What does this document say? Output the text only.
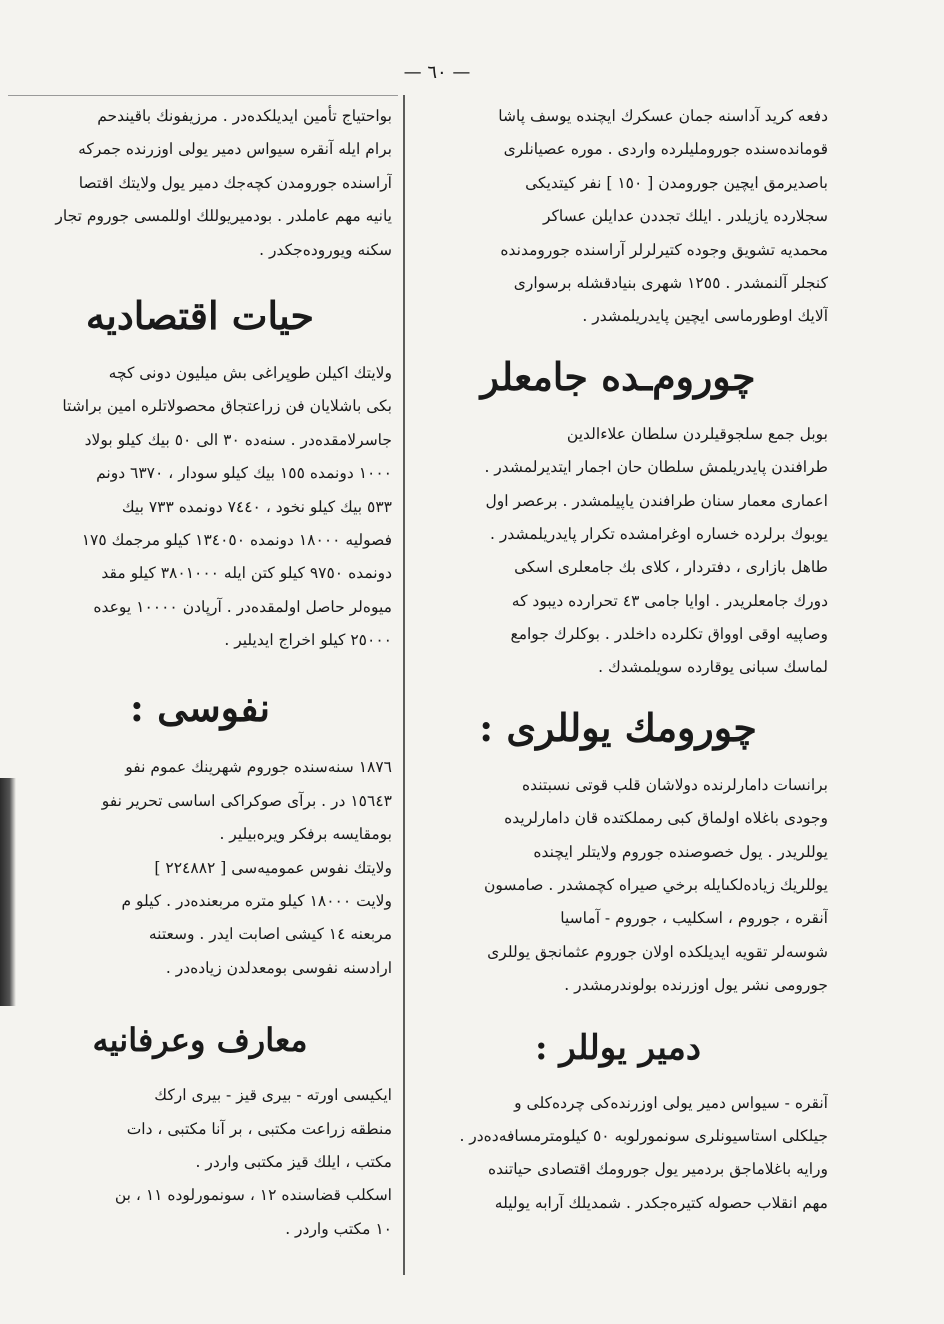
— ٦٠ —
دفعه كريد آداسنه جمان عسكرك ايچنده يوسف پاشا
قوماندەسنده جورومليلرده واردى . موره عصيانلرى
باصديرمق ايچين جورومدن [ ١٥٠ ] نفر كيتديكى
سجلارده يازيلدر . ايلك تجددن عدايلن عساكر
محمديه تشويق وجوده كتيرلرلر آراسنده جورومدنده
كنجلر آلنمشدر . ١٢٥٥ شهرى بنيادقشله برسوارى
آلايك اوطورماسى ايچين پايدريلمشدر .
چوروم‌ـده جامعلر
بوبل جمع سلجوقيلردن سلطان علاءالدين
طرافندن پايدريلمش سلطان حان اجمار ايتديرلمشدر .
اعمارى معمار سنان طرافندن ياپيلمشدر . برعصر اول
يوبوك برلرده خساره اوغرامشده تكرار پايدريلمشدر .
طاهل بازارى ، دفتردار ، كلاى بك جامعلرى اسكى
دورك جامعلريدر . اوايا جامى ٤٣ تحرارده ديبود كه
وصاپيه اوقى اوواق تكلرده داخلدر . بوكلرك جوامع
لماسك سبانى يوقارده سويلمشدك .
چورومك يوللرى :
برانسات دامارلرنده دولاشان قلب قوتى نسبتنده
وجودى باغلاه اولماق كبى رمملكتده قان دامارلريده
يوللريدر . يول خصوصنده جوروم ولايتلر ايچنده
يوللريك زيادەلكىايله برخي صيراه كچمشدر . صامسون
آنقره ، جوروم ، اسكليب ، جوروم - آماسيا
شوسه‌لر تقويه ايديلكده اولان جوروم عثمانجق يوللرى
جورومى نشر يول اوزرنده بولوندرمشدر .
دمير يوللر :
آنقره - سيواس دمير يولى اوزرنده‌كى چرده‌كلى و
جيلكلى استاسيونلرى سونمورلوبه ٥٠ كيلومترمسافه‌ده‌در .
ورايه باغلاماجق بردمير يول جورومك اقتصادى حياتنده
مهم انقلاب حصوله كتيره‌جكدر . شمديلك آرابه يوليله
بواحتياج تأمين ايديلكده‌در . مرزيفونك باقيندحم
برام ايله آنقره سيواس دمير يولى اوزرنده جمركه
آراسنده جورومدن كچه‌جك دمير يول ولايتك اقتصا
يانيه مهم عاملدر . بودميريوللك اوللمسى جوروم تجار
سكنه ويوروده‌جكدر .
حيات اقتصاديه
ولايتك اكيلن طوپراغى بش ميليون دونى كچه
بكى باشلايان فن زراعتجاق محصولاتلره امين براشتا
جاسرلامقده‌در . سنه‌ده ٣٠ الى ٥٠ بيك كيلو بولاد
١٠٠٠ دونمده ١٥٥ بيك كيلو سودار ، ٦٣٧٠ دونم
٥٣٣ بيك كيلو نخود ، ٧٤٤٠ دونمده ٧٣٣ بيك
فصوليه ١٨٠٠٠ دونمده ١٣٤٠٥٠ كيلو مرجمك ١٧٥
دونمده ٩٧٥٠ كيلو كتن ايله ٣٨٠١٠٠٠ كيلو مقد
ميوه‌لر حاصل اولمقده‌در . آرپادن ١٠٠٠٠ يوعده
٢٥٠٠٠ كيلو اخراج ايديلير .
نفوسى :
١٨٧٦ سنه‌سنده جوروم شهرينك عموم نفو
١٥٦٤٣ در . برآى صوكراكى اساسى تحرير نفو
بومقايسه برفكر ويره‌بيلير .
ولايتك نفوس عموميه‌سى [ ٢٢٤٨٨٢ ]
ولايت ١٨٠٠٠ كيلو متره مربعنده‌در . كيلو م
مربعنه ١٤ كيشى اصابت ايدر . وسعتنه
ارادسنه نفوسى بومعدلدن زياده‌در .
معارف وعرفانيه
ايكيسى اورته - بيرى قيز - بيرى اركك
منطقه زراعت مكتبى ، بر آنا مكتبى ، دات
مكتب ، ايلك قيز مكتبى واردر .
اسكلب قضاسنده ١٢ ، سونمورلوده ١١ ، بن
١٠ مكتب واردر .
